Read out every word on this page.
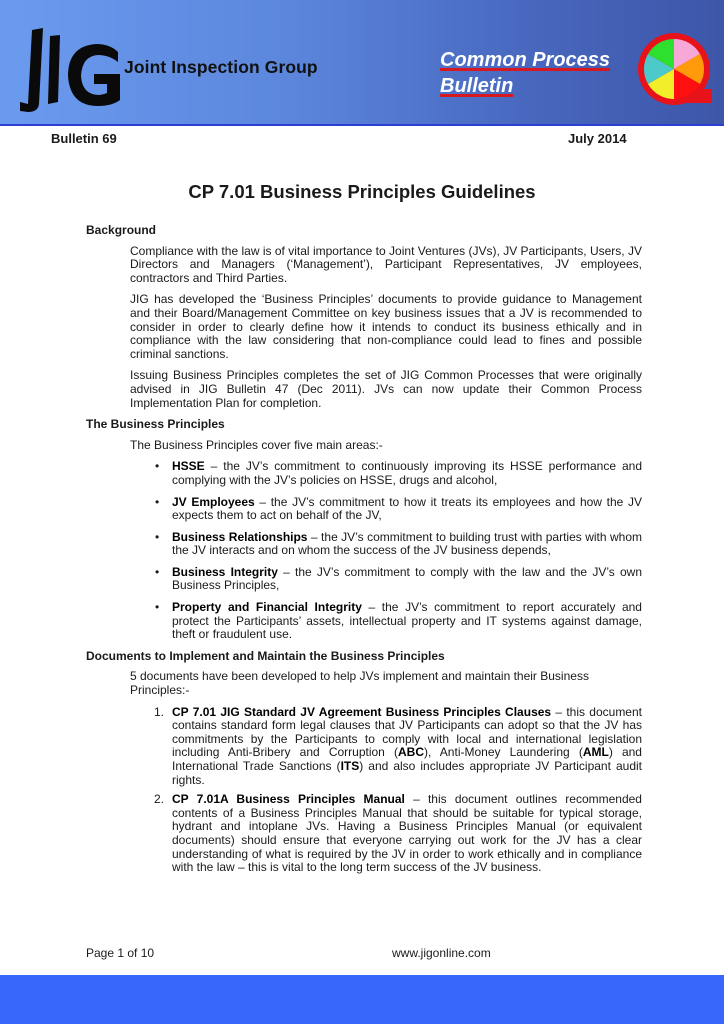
Joint Inspection Group	Common Process
Bulletin
Bulletin 69	July 2014
CP 7.01 Business Principles Guidelines
Background

Compliance with the law is of vital importance to Joint Ventures (JVs), JV Participants, Users, JV Directors and Managers (‘Management’), Participant Representatives, JV employees, contractors and Third Parties.

JIG has developed the ‘Business Principles’ documents to provide guidance to Management and their Board/Management Committee on key business issues that a JV is recommended to consider in order to clearly define how it intends to conduct its business ethically and in compliance with the law considering that non-compliance could lead to fines and possible criminal sanctions.

Issuing Business Principles completes the set of JIG Common Processes that were originally advised in JIG Bulletin 47 (Dec 2011). JVs can now update their Common Process Implementation Plan for completion.

The Business Principles

The Business Principles cover five main areas:-

• HSSE – the JV’s commitment to continuously improving its HSSE performance and complying with the JV’s policies on HSSE, drugs and alcohol,
• JV Employees – the JV’s commitment to how it treats its employees and how the JV expects them to act on behalf of the JV,
• Business Relationships – the JV’s commitment to building trust with parties with whom the JV interacts and on whom the success of the JV business depends,
• Business Integrity – the JV’s commitment to comply with the law and the JV’s own Business Principles,
• Property and Financial Integrity – the JV’s commitment to report accurately and protect the Participants’ assets, intellectual property and IT systems against damage, theft or fraudulent use.
Documents to Implement and Maintain the Business Principles

5 documents have been developed to help JVs implement and maintain their Business Principles:-

1. CP 7.01 JIG Standard JV Agreement Business Principles Clauses – this document contains standard form legal clauses that JV Participants can adopt so that the JV has commitments by the Participants to comply with local and international legislation including Anti-Bribery and Corruption (ABC), Anti-Money Laundering (AML) and International Trade Sanctions (ITS) and also includes appropriate JV Participant audit rights.
2. CP 7.01A Business Principles Manual – this document outlines recommended contents of a Business Principles Manual that should be suitable for typical storage, hydrant and intoplane JVs. Having a Business Principles Manual (or equivalent documents) should ensure that everyone carrying out work for the JV has a clear understanding of what is required by the JV in order to work ethically and in compliance with the law – this is vital to the long term success of the JV business.
Page 1 of 10	www.jigonline.com
